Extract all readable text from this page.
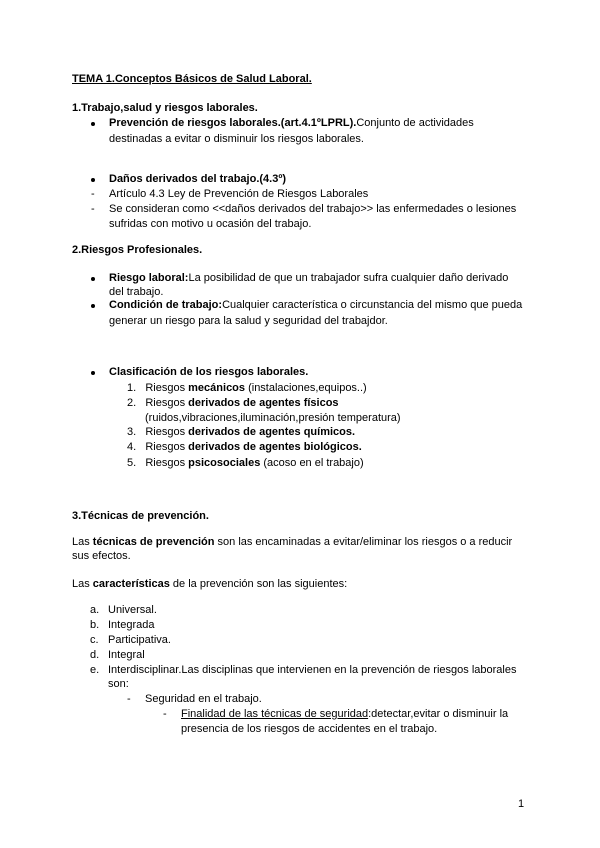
TEMA 1.Conceptos Básicos de Salud Laboral.
1.Trabajo,salud y riesgos laborales.
Prevención de riesgos laborales.(art.4.1ºLPRL).Conjunto de actividades
destinadas a evitar o disminuir los riesgos laborales.
Daños derivados del trabajo.(4.3º)
- Artículo 4.3 Ley de Prevención de Riesgos Laborales
- Se consideran como <<daños derivados del trabajo>> las enfermedades o lesiones
sufridas con motivo u ocasión del trabajo.
2.Riesgos Profesionales.
Riesgo laboral:La posibilidad de que un trabajador sufra cualquier daño derivado
del trabajo.
Condición de trabajo:Cualquier característica o circunstancia del mismo que pueda
generar un riesgo para la salud y seguridad del trabajdor.
Clasificación de los riesgos laborales.
1. Riesgos mecánicos (instalaciones,equipos..)
2. Riesgos derivados de agentes físicos
(ruidos,vibraciones,iluminación,presión temperatura)
3. Riesgos derivados de agentes químicos.
4. Riesgos derivados de agentes biológicos.
5. Riesgos psicosociales (acoso en el trabajo)
3.Técnicas de prevención.
Las técnicas de prevención son las encaminadas a evitar/eliminar los riesgos o a reducir
sus efectos.
Las características de la prevención son las siguientes:
a. Universal.
b. Integrada
c. Participativa.
d. Integral
e. Interdisciplinar.Las disciplinas que intervienen en la prevención de riesgos laborales
son:
- Seguridad en el trabajo.
- Finalidad de las técnicas de seguridad:detectar,evitar o disminuir la
presencia de los riesgos de accidentes en el trabajo.
1
